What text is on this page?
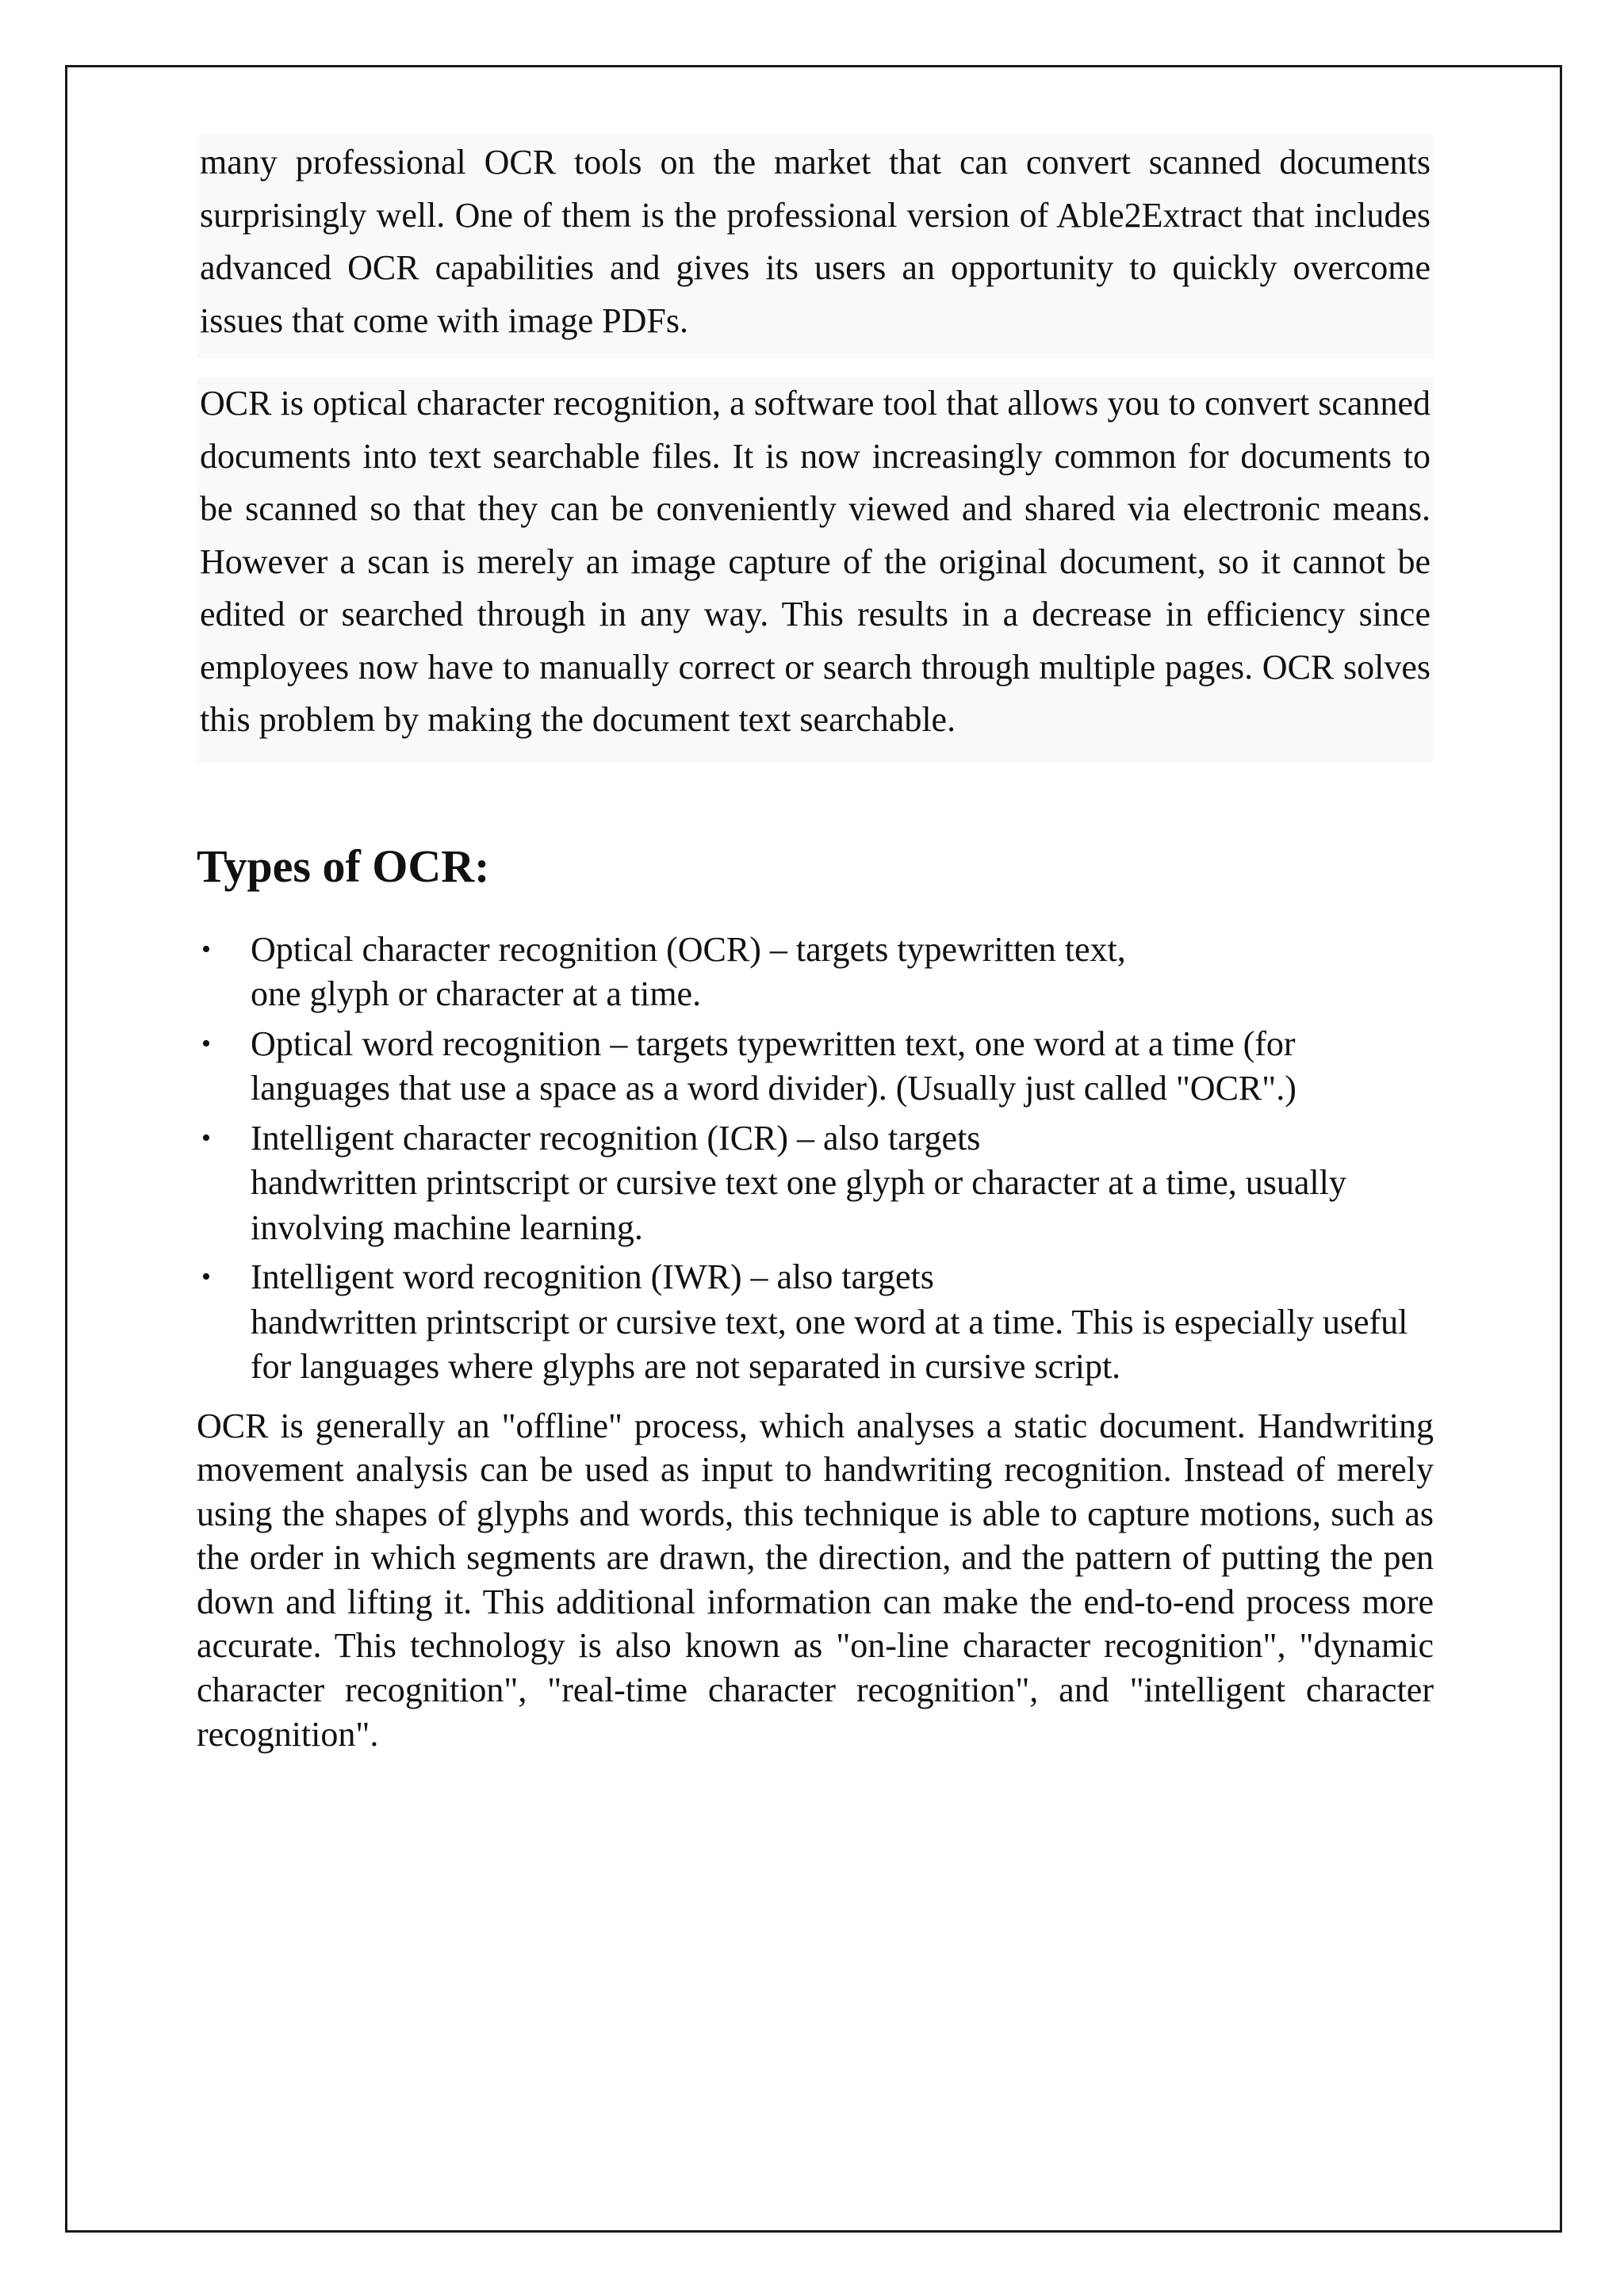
many professional OCR tools on the market that can convert scanned documents surprisingly well. One of them is the professional version of Able2Extract that includes advanced OCR capabilities and gives its users an opportunity to quickly overcome issues that come with image PDFs.

OCR is optical character recognition, a software tool that allows you to convert scanned documents into text searchable files. It is now increasingly common for documents to be scanned so that they can be conveniently viewed and shared via electronic means. However a scan is merely an image capture of the original document, so it cannot be edited or searched through in any way. This results in a decrease in efficiency since employees now have to manually correct or search through multiple pages. OCR solves this problem by making the document text searchable.

Types of OCR:
• Optical character recognition (OCR) – targets typewritten text,
one glyph or character at a time.
• Optical word recognition – targets typewritten text, one word at a time (for
languages that use a space as a word divider). (Usually just called "OCR".)
• Intelligent character recognition (ICR) – also targets
handwritten printscript or cursive text one glyph or character at a time, usually involving machine learning.
• Intelligent word recognition (IWR) – also targets
handwritten printscript or cursive text, one word at a time. This is especially useful for languages where glyphs are not separated in cursive script.

OCR is generally an "offline" process, which analyses a static document. Handwriting movement analysis can be used as input to handwriting recognition. Instead of merely using the shapes of glyphs and words, this technique is able to capture motions, such as the order in which segments are drawn, the direction, and the pattern of putting the pen down and lifting it. This additional information can make the end-to-end process more accurate. This technology is also known as "on-line character recognition", "dynamic character recognition", "real-time character recognition", and "intelligent character recognition".
